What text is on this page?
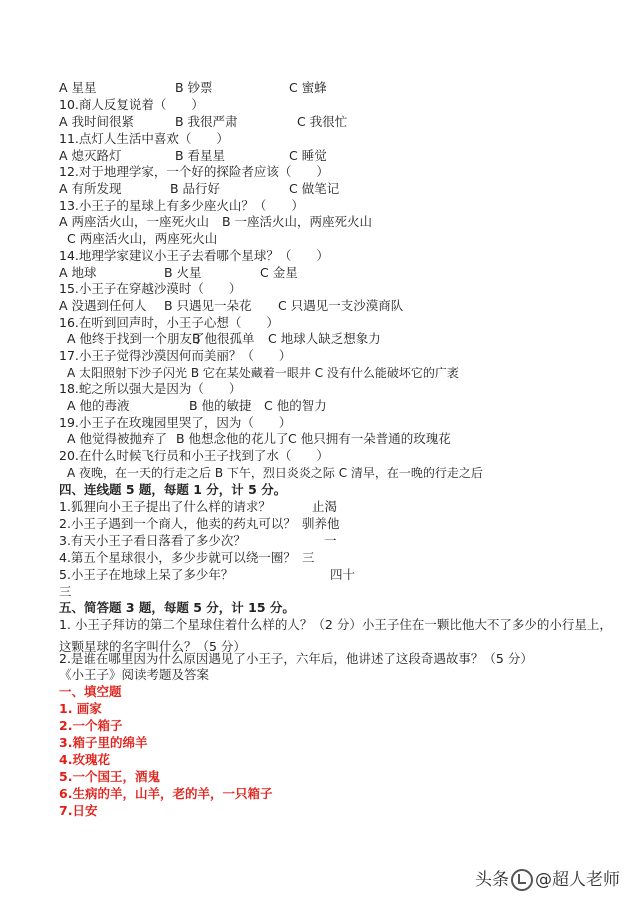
A 星星	B 钞票	C 蜜蜂
10.商人反复说着（　　）
A 我时间很紧	B 我很严肃	C 我很忙
11.点灯人生活中喜欢（　　）
A 熄灭路灯	B 看星星	C 睡觉
12.对于地理学家，一个好的探险者应该（　　）
A 有所发现	B 品行好	C 做笔记
13.小王子的星球上有多少座火山？（　　）
A 两座活火山，一座死火山 B 一座活火山，两座死火山
C 两座活火山，两座死火山
14.地理学家建议小王子去看哪个星球？（　　）
A 地球	B 火星	C 金星
15.小王子在穿越沙漠时（　　）
A 没遇到任何人 B 只遇见一朵花 C 只遇见一支沙漠商队
16.在听到回声时，小王子心想（　　）
A 他终于找到一个朋友了
B 他很孤单 C 地球人缺乏想象力
17.小王子觉得沙漠因何而美丽？（　　）
A 太阳照射下沙子闪光 B 它在某处藏着一眼井 C 没有什么能破坏它的广袤
18.蛇之所以强大是因为（　　）
A 他的毒液	B 他的敏捷 C 他的智力
19.小王子在玫瑰园里哭了，因为（　　）
A 他觉得被抛弃了 B 他想念他的花儿了 C 他只拥有一朵普通的玫瑰花
20.在什么时候飞行员和小王子找到了水（　　）
A 夜晚，在一天的行走之后 B 下午，烈日炎炎之际 C 清早，在一晚的行走之后
四、连线题 5 题，每题 1 分，计 5 分。
1.狐狸向小王子提出了什么样的请求？	止渴
2.小王子遇到一个商人，他卖的药丸可以？ 驯养他
3.有天小王子看日落看了多少次？	一
4.第五个星球很小，多少步就可以绕一圈？ 三
5.小王子在地球上呆了多少年？	四十
三
五、简答题 3 题，每题 5 分，计 15 分。
1. 小王子拜访的第二个星球住着什么样的人？（2 分）小王子住在一颗比他大不了多少的小行星上，这颗星球的名字叫什么？（5 分）
2.是谁在哪里因为什么原因遇见了小王子，六年后，他讲述了这段奇遇故事？（5 分）
《小王子》阅读考题及答案
一、填空题
1. 画家
2.一个箱子
3.箱子里的绵羊
4.玫瑰花
5.一个国王，酒鬼
6.生病的羊，山羊，老的羊，一只箱子
7.日安
头条 @超人老师
